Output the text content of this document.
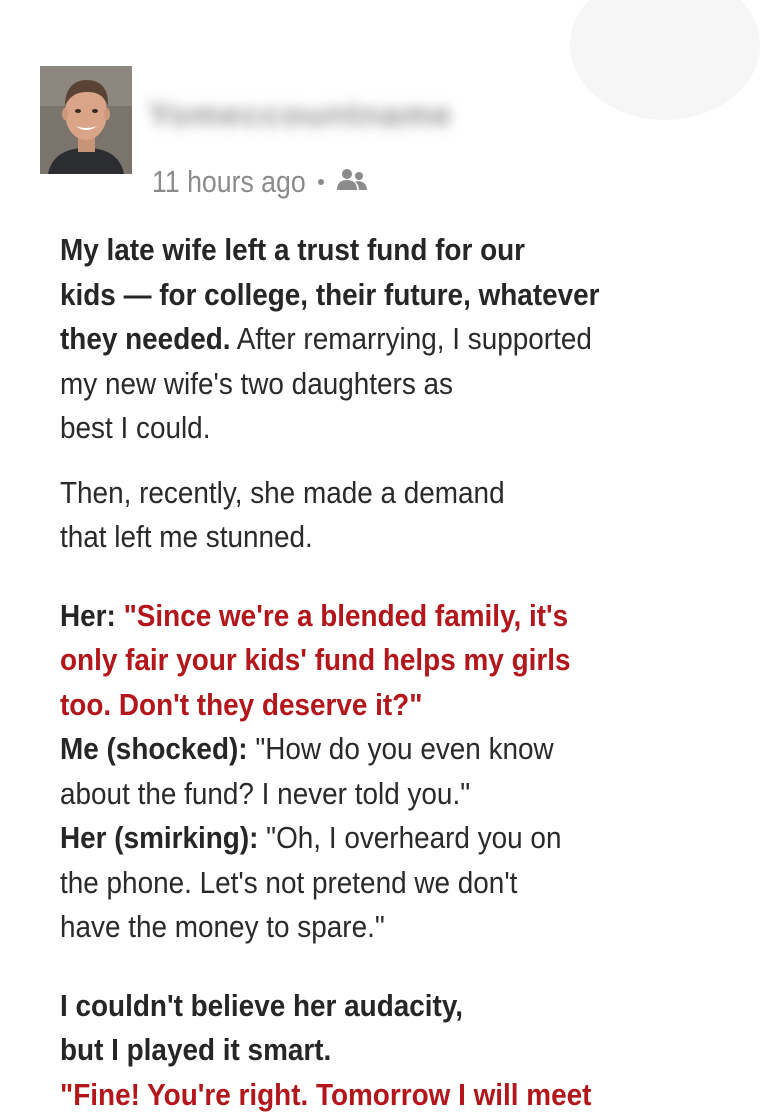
Yomeccountname
11 hours ago

My late wife left a trust fund for our
kids — for college, their future, whatever
they needed. After remarrying, I supported
my new wife's two daughters as
best I could.

Then, recently, she made a demand
that left me stunned.

Her: "Since we're a blended family, it's
only fair your kids' fund helps my girls
too. Don't they deserve it?"
Me (shocked): "How do you even know
about the fund? I never told you."
Her (smirking): "Oh, I overheard you on
the phone. Let's not pretend we don't
have the money to spare."

I couldn't believe her audacity,
but I played it smart.
"Fine! You're right. Tomorrow I will meet
